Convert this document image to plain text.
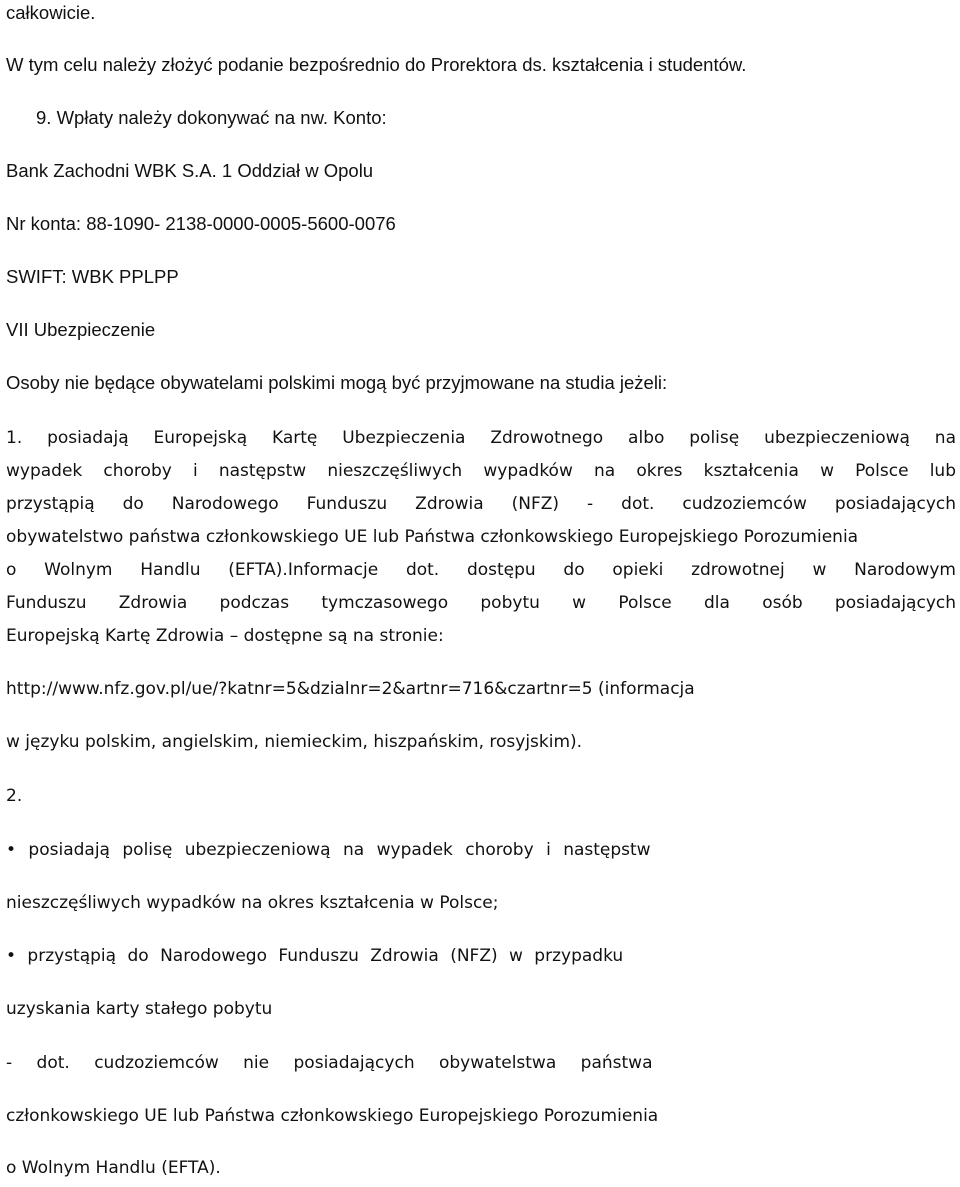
całkowicie.

W tym celu należy złożyć podanie bezpośrednio do Prorektora ds. kształcenia i studentów.

9. Wpłaty należy dokonywać na nw. Konto:

Bank Zachodni WBK S.A. 1 Oddział w Opolu

Nr konta: 88-1090- 2138-0000-0005-5600-0076

SWIFT: WBK PPLPP

VII Ubezpieczenie

Osoby nie będące obywatelami polskimi mogą być przyjmowane na studia jeżeli:

1. posiadają Europejską Kartę Ubezpieczenia Zdrowotnego albo polisę ubezpieczeniową na

wypadek choroby i następstw nieszczęśliwych wypadków na okres kształcenia w Polsce lub

przystąpią do Narodowego Funduszu Zdrowia (NFZ) - dot. cudzoziemców posiadających

obywatelstwo państwa członkowskiego UE lub Państwa członkowskiego Europejskiego Porozumienia

o Wolnym Handlu (EFTA).Informacje dot. dostępu do opieki zdrowotnej w Narodowym

Funduszu Zdrowia podczas tymczasowego pobytu w Polsce dla osób posiadających

Europejską Kartę Zdrowia – dostępne są na stronie:

http://www.nfz.gov.pl/ue/?katnr=5&dzialnr=2&artnr=716&czartnr=5 (informacja

w języku polskim, angielskim, niemieckim, hiszpańskim, rosyjskim).

2.

• posiadają polisę ubezpieczeniową na wypadek choroby i następstw

nieszczęśliwych wypadków na okres kształcenia w Polsce;

• przystąpią do Narodowego Funduszu Zdrowia (NFZ) w przypadku

uzyskania karty stałego pobytu

- dot. cudzoziemców nie posiadających obywatelstwa państwa

członkowskiego UE lub Państwa członkowskiego Europejskiego Porozumienia

o Wolnym Handlu (EFTA).
